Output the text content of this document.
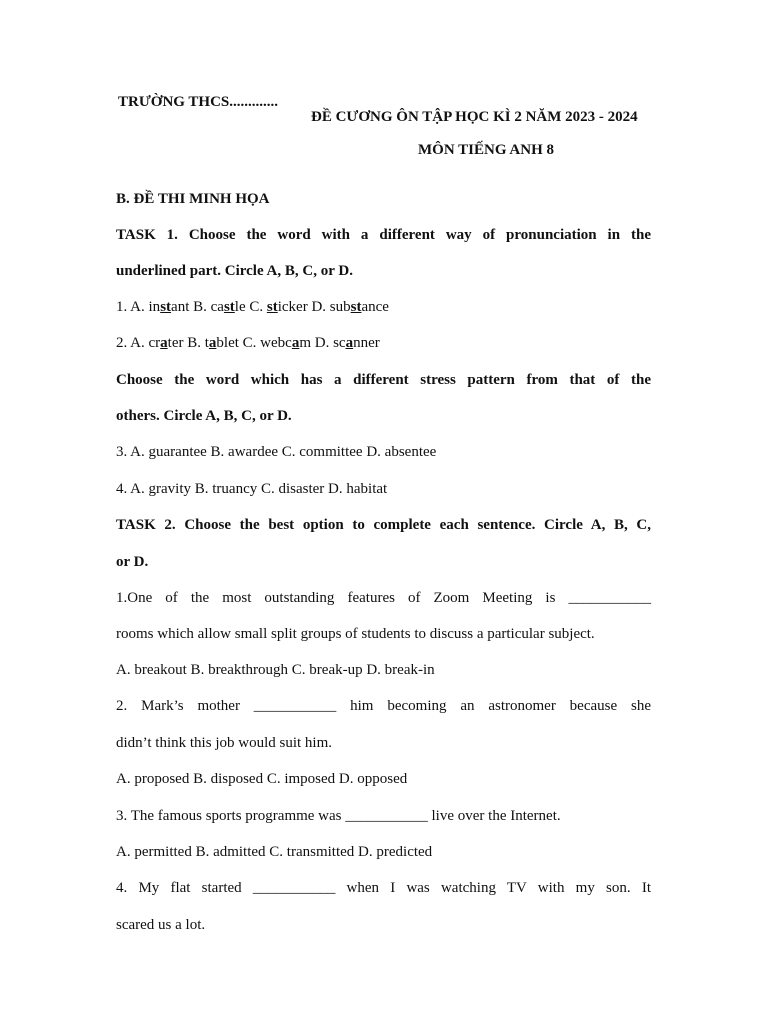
TRƯỜNG THCS.............
ĐỀ CƯƠNG ÔN TẬP HỌC KÌ 2 NĂM 2023 - 2024
MÔN TIẾNG ANH 8
B. ĐỀ THI MINH HỌA
TASK 1. Choose the word with a different way of pronunciation in the
underlined part. Circle A, B, C, or D.
1. A. instant B. castle C. sticker D. substance
2. A. crater B. tablet C. webcam D. scanner
Choose the word which has a different stress pattern from that of the
others. Circle A, B, C, or D.
3. A. guarantee B. awardee C. committee D. absentee
4. A. gravity B. truancy C. disaster D. habitat
TASK 2. Choose the best option to complete each sentence. Circle A, B, C,
or D.
1.One of the most outstanding features of Zoom Meeting is ___________
rooms which allow small split groups of students to discuss a particular subject.
A. breakout B. breakthrough C. break-up D. break-in
2. Mark’s mother ___________ him becoming an astronomer because she
didn’t think this job would suit him.
A. proposed B. disposed C. imposed D. opposed
3. The famous sports programme was ___________ live over the Internet.
A. permitted B. admitted C. transmitted D. predicted
4. My flat started ___________ when I was watching TV with my son. It
scared us a lot.
